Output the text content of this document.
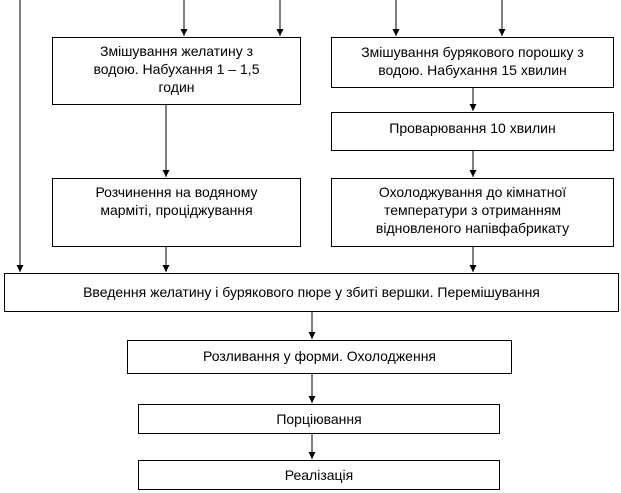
Змішування желатину з
водою. Набухання 1 – 1,5
годин
Змішування бурякового порошку з
водою. Набухання 15 хвилин
Проварювання 10 хвилин
Розчинення на водяному
марміті, проціджування
Охолоджування до кімнатної
температури з отриманням
відновленого напівфабрикату
Введення желатину і бурякового пюре у збиті вершки. Перемішування
Розливання у форми. Охолодження
Порціювання
Реалізація
